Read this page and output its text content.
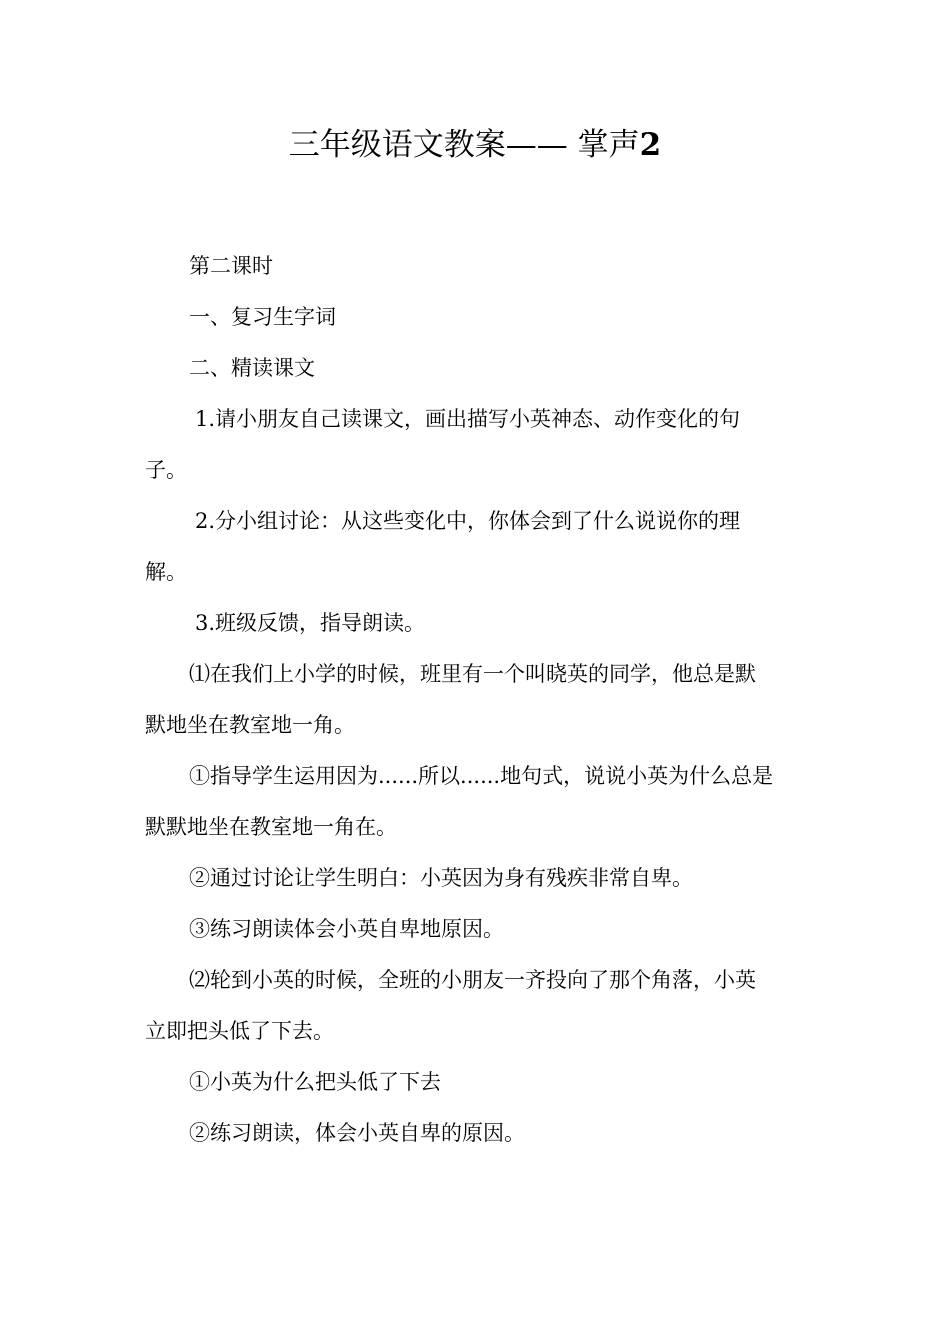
三年级语文教案—— 掌声2
第二课时
一、复习生字词
二、精读课文
1.请小朋友自己读课文，画出描写小英神态、动作变化的句
子。
2.分小组讨论：从这些变化中，你体会到了什么说说你的理
解。
3.班级反馈，指导朗读。
⑴在我们上小学的时候，班里有一个叫晓英的同学，他总是默
默地坐在教室地一角。
①指导学生运用因为......所以......地句式，说说小英为什么总是
默默地坐在教室地一角在。
②通过讨论让学生明白：小英因为身有残疾非常自卑。
③练习朗读体会小英自卑地原因。
⑵轮到小英的时候，全班的小朋友一齐投向了那个角落，小英
立即把头低了下去。
①小英为什么把头低了下去
②练习朗读，体会小英自卑的原因。
